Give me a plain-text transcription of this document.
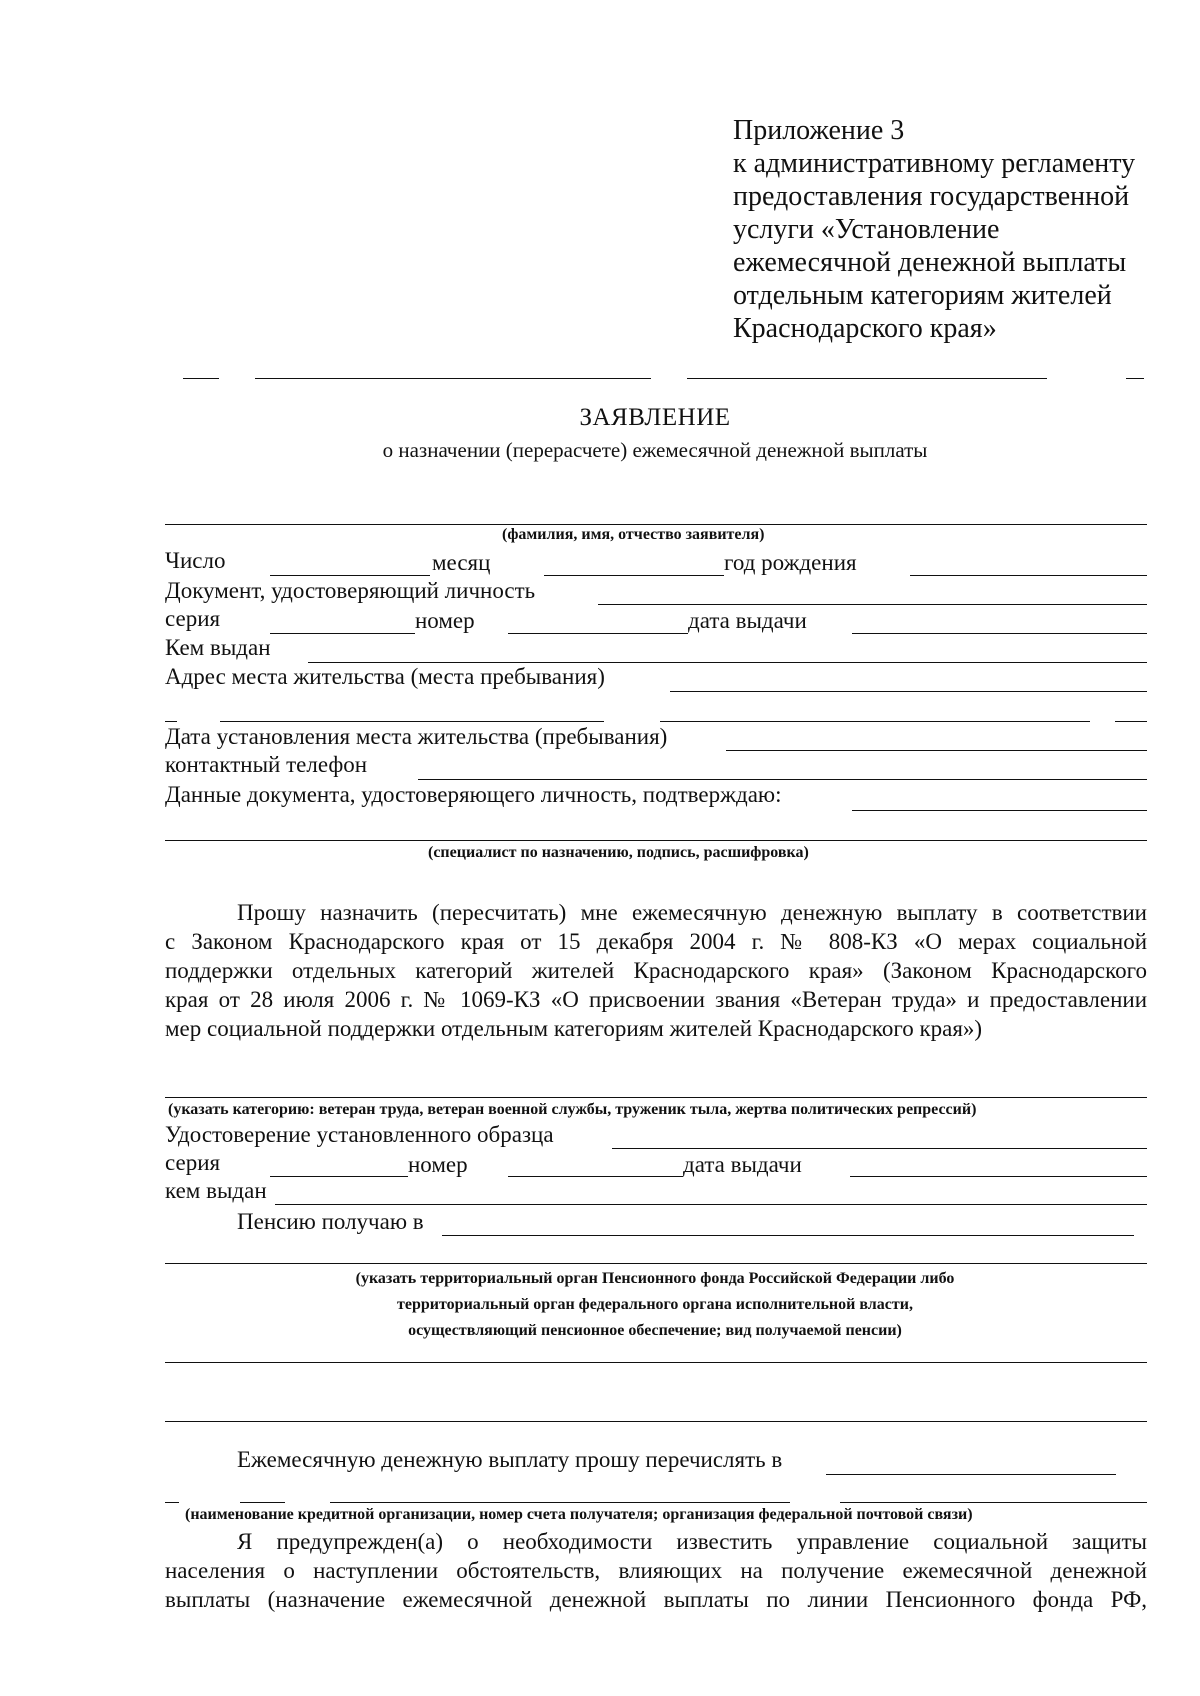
Приложение 3
к административному регламенту
предоставления государственной
услуги «Установление
ежемесячной денежной выплаты
отдельным категориям жителей
Краснодарского края»
ЗАЯВЛЕНИЕ
о назначении (перерасчете) ежемесячной денежной выплаты
(фамилия, имя, отчество заявителя)
Число	месяц	год рождения
Документ, удостоверяющий личность
серия	номер	дата выдачи
Кем выдан
Адрес места жительства (места пребывания)
Дата установления места жительства (пребывания)
контактный телефон
Данные документа, удостоверяющего личность, подтверждаю:
(специалист по назначению, подпись, расшифровка)
Прошу назначить (пересчитать) мне ежемесячную денежную выплату в соответствии
с Законом Краснодарского края от 15 декабря 2004 г. № 808-КЗ «О мерах социальной
поддержки отдельных категорий жителей Краснодарского края» (Законом Краснодарского
края от 28 июля 2006 г. № 1069-КЗ «О присвоении звания «Ветеран труда» и предоставлении
мер социальной поддержки отдельным категориям жителей Краснодарского края»)
(указать категорию: ветеран труда, ветеран военной службы, труженик тыла, жертва политических репрессий)
Удостоверение установленного образца
серия	номер	дата выдачи
кем выдан
Пенсию получаю в
(указать территориальный орган Пенсионного фонда Российской Федерации либо
территориальный орган федерального органа исполнительной власти,
осуществляющий пенсионное обеспечение; вид получаемой пенсии)
Ежемесячную денежную выплату прошу перечислять в
(наименование кредитной организации, номер счета получателя; организация федеральной почтовой связи)
Я предупрежден(а) о необходимости известить управление социальной защиты
населения о наступлении обстоятельств, влияющих на получение ежемесячной денежной
выплаты (назначение ежемесячной денежной выплаты по линии Пенсионного фонда РФ,
